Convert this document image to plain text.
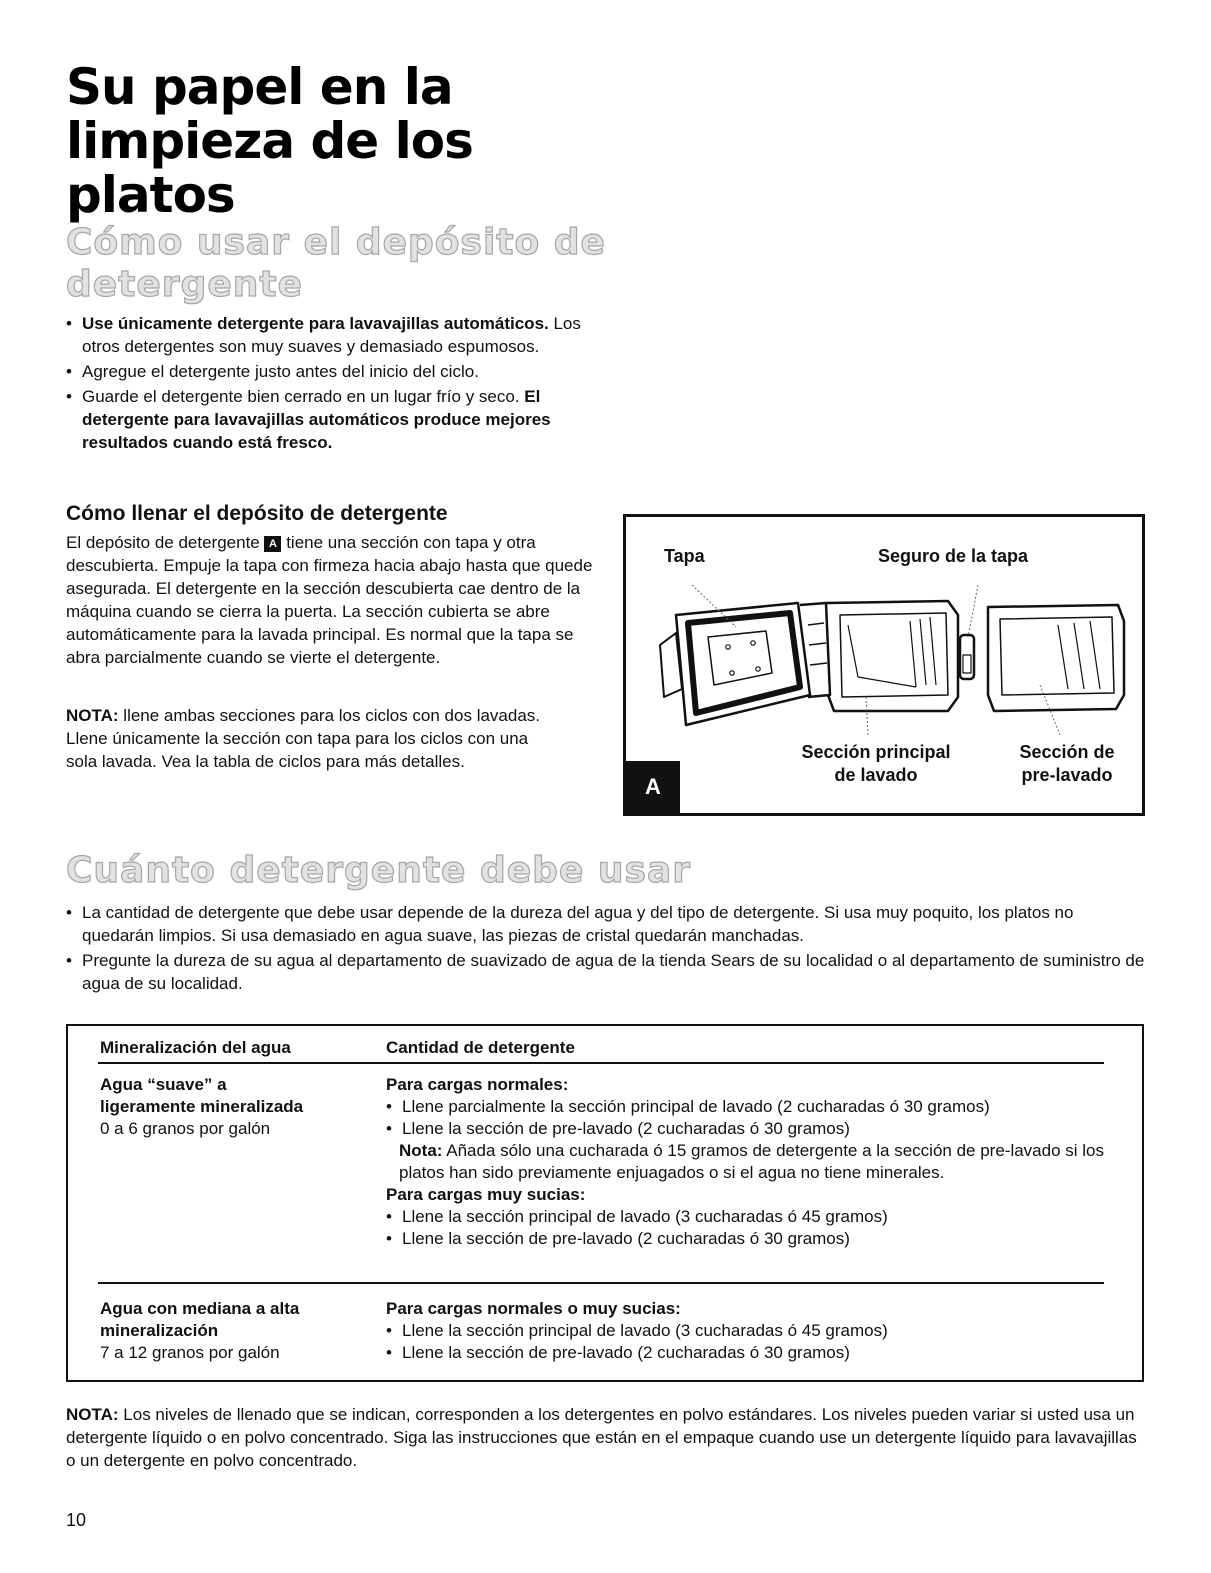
Su papel en la limpieza de los platos
Cómo usar el depósito de detergente
• Use únicamente detergente para lavavajillas automáticos. Los otros detergentes son muy suaves y demasiado espumosos.
• Agregue el detergente justo antes del inicio del ciclo.
• Guarde el detergente bien cerrado en un lugar frío y seco. El detergente para lavavajillas automáticos produce mejores resultados cuando está fresco.
Cómo llenar el depósito de detergente

El depósito de detergente A tiene una sección con tapa y otra descubierta. Empuje la tapa con firmeza hacia abajo hasta que quede asegurada. El detergente en la sección descubierta cae dentro de la máquina cuando se cierra la puerta. La sección cubierta se abre automáticamente para la lavada principal. Es normal que la tapa se abra parcialmente cuando se vierte el detergente.

NOTA: llene ambas secciones para los ciclos con dos lavadas. Llene únicamente la sección con tapa para los ciclos con una sola lavada. Vea la tabla de ciclos para más detalles.

Tapa	Seguro de la tapa
Sección principal
de lavado
Sección de
pre-lavado
A
Cuánto detergente debe usar
• La cantidad de detergente que debe usar depende de la dureza del agua y del tipo de detergente. Si usa muy poquito, los platos no quedarán limpios. Si usa demasiado en agua suave, las piezas de cristal quedarán manchadas.
• Pregunte la dureza de su agua al departamento de suavizado de agua de la tienda Sears de su localidad o al departamento de suministro de agua de su localidad.
Mineralización del agua	Cantidad de detergente
Agua “suave” a
ligeramente mineralizada
0 a 6 granos por galón
Para cargas normales:
• Llene parcialmente la sección principal de lavado (2 cucharadas ó 30 gramos)
• Llene la sección de pre-lavado (2 cucharadas ó 30 gramos)
Nota: Añada sólo una cucharada ó 15 gramos de detergente a la sección de pre-lavado si los platos han sido previamente enjuagados o si el agua no tiene minerales.
Para cargas muy sucias:
• Llene la sección principal de lavado (3 cucharadas ó 45 gramos)
• Llene la sección de pre-lavado (2 cucharadas ó 30 gramos)
Agua con mediana a alta
mineralización
7 a 12 granos por galón
Para cargas normales o muy sucias:
• Llene la sección principal de lavado (3 cucharadas ó 45 gramos)
• Llene la sección de pre-lavado (2 cucharadas ó 30 gramos)

NOTA: Los niveles de llenado que se indican, corresponden a los detergentes en polvo estándares. Los niveles pueden variar si usted usa un detergente líquido o en polvo concentrado. Siga las instrucciones que están en el empaque cuando use un detergente líquido para lavavajillas o un detergente en polvo concentrado.

10
